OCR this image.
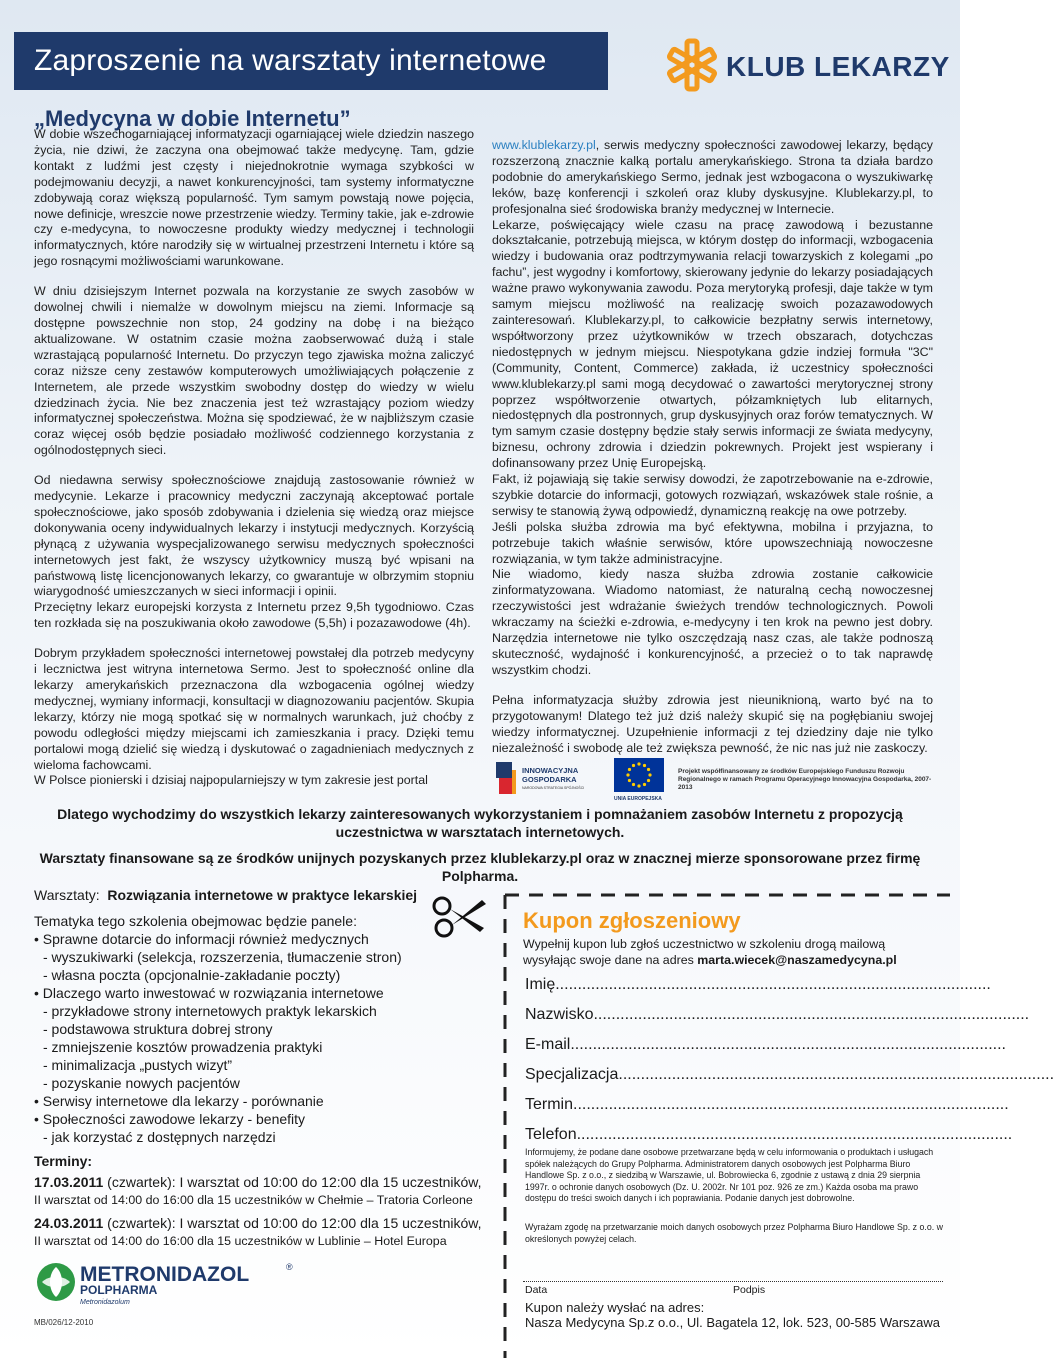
Zaproszenie na warsztaty internetowe	KLUB LEKARZY
„Medycyna w dobie Internetu”

W dobie wszechogarniającej informatyzacji ogarniającej wiele dziedzin naszego życia, nie dziwi, że zaczyna ona obejmować także medycynę. Tam, gdzie kontakt z ludźmi jest częsty i niejednokrotnie wymaga szybkości w podejmowaniu decyzji, a nawet konkurencyjności, tam systemy informatyczne zdobywają coraz większą popularność. Tym samym powstają nowe pojęcia, nowe definicje, wreszcie nowe przestrzenie wiedzy. Terminy takie, jak e-zdrowie czy e-medycyna, to nowoczesne produkty wiedzy medycznej i technologii informatycznych, które narodziły się w wirtualnej przestrzeni Internetu i które są jego rosnącymi możliwościami warunkowane.

W dniu dzisiejszym Internet pozwala na korzystanie ze swych zasobów w dowolnej chwili i niemalże w dowolnym miejscu na ziemi. Informacje są dostępne powszechnie non stop, 24 godziny na dobę i na bieżąco aktualizowane. W ostatnim czasie można zaobserwować dużą i stale wzrastającą popularność Internetu. Do przyczyn tego zjawiska można zaliczyć coraz niższe ceny zestawów komputerowych umożliwiających połączenie z Internetem, ale przede wszystkim swobodny dostęp do wiedzy w wielu dziedzinach życia. Nie bez znaczenia jest też wzrastający poziom wiedzy informatycznej społeczeństwa. Można się spodziewać, że w najbliższym czasie coraz więcej osób będzie posiadało możliwość codziennego korzystania z ogólnodostępnych sieci.

Od niedawna serwisy społecznościowe znajdują zastosowanie również w medycynie. Lekarze i pracownicy medyczni zaczynają akceptować portale społecznościowe, jako sposób zdobywania i dzielenia się wiedzą oraz miejsce dokonywania oceny indywidualnych lekarzy i instytucji medycznych. Korzyścią płynącą z używania wyspecjalizowanego serwisu medycznych społeczności internetowych jest fakt, że wszyscy użytkownicy muszą być wpisani na państwową listę licencjonowanych lekarzy, co gwarantuje w olbrzymim stopniu wiarygodność umieszczanych w sieci informacji i opinii.

Przeciętny lekarz europejski korzysta z Internetu przez 9,5h tygodniowo. Czas ten rozkłada się na poszukiwania około zawodowe (5,5h) i pozazawodowe (4h).

Dobrym przykładem społeczności internetowej powstałej dla potrzeb medycyny i lecznictwa jest witryna internetowa Sermo. Jest to społeczność online dla lekarzy amerykańskich przeznaczona dla wzbogacenia ogólnej wiedzy medycznej, wymiany informacji, konsultacji w diagnozowaniu pacjentów. Skupia lekarzy, którzy nie mogą spotkać się w normalnych warunkach, już choćby z powodu odległości między miejscami ich zamieszkania i pracy. Dzięki temu portalowi mogą dzielić się wiedzą i dyskutować o zagadnieniach medycznych z wieloma fachowcami.

W Polsce pionierski i dzisiaj najpopularniejszy w tym zakresie jest portal

www.klublekarzy.pl, serwis medyczny społeczności zawodowej lekarzy, będący rozszerzoną znacznie kalką portalu amerykańskiego. Strona ta działa bardzo podobnie do amerykańskiego Sermo, jednak jest wzbogacona o wyszukiwarkę leków, bazę konferencji i szkoleń oraz kluby dyskusyjne. Klublekarzy.pl, to profesjonalna sieć środowiska branży medycznej w Internecie.

Lekarze, poświęcający wiele czasu na pracę zawodową i bezustanne dokształcanie, potrzebują miejsca, w którym dostęp do informacji, wzbogacenia wiedzy i budowania oraz podtrzymywania relacji towarzyskich z kolegami „po fachu”, jest wygodny i komfortowy, skierowany jedynie do lekarzy posiadających ważne prawo wykonywania zawodu. Poza merytoryką profesji, daje także w tym samym miejscu możliwość na realizację swoich pozazawodowych zainteresowań. Klublekarzy.pl, to całkowicie bezpłatny serwis internetowy, współtworzony przez użytkowników w trzech obszarach, dotychczas niedostępnych w jednym miejscu. Niespotykana gdzie indziej formuła "3C" (Community, Content, Commerce) zakłada, iż uczestnicy społeczności www.klublekarzy.pl sami mogą decydować o zawartości merytorycznej strony poprzez współtworzenie otwartych, półzamkniętych lub elitarnych, niedostępnych dla postronnych, grup dyskusyjnych oraz forów tematycznych. W tym samym czasie dostępny będzie stały serwis informacji ze świata medycyny, biznesu, ochrony zdrowia i dziedzin pokrewnych. Projekt jest wspierany i dofinansowany przez Unię Europejską.

Fakt, iż pojawiają się takie serwisy dowodzi, że zapotrzebowanie na e-zdrowie, szybkie dotarcie do informacji, gotowych rozwiązań, wskazówek stale rośnie, a serwisy te stanowią żywą odpowiedź, dynamiczną reakcję na owe potrzeby.

Jeśli polska służba zdrowia ma być efektywna, mobilna i przyjazna, to potrzebuje takich właśnie serwisów, które upowszechniają nowoczesne rozwiązania, w tym także administracyjne.

Nie wiadomo, kiedy nasza służba zdrowia zostanie całkowicie zinformatyzowana. Wiadomo natomiast, że naturalną cechą nowoczesnej rzeczywistości jest wdrażanie świeżych trendów technologicznych. Powoli wkraczamy na ścieżki e-zdrowia, e-medycyny i ten krok na pewno jest dobry. Narzędzia internetowe nie tylko oszczędzają nasz czas, ale także podnoszą skuteczność, wydajność i konkurencyjność, a przecież o to tak naprawdę wszystkim chodzi.

Pełna informatyzacja służby zdrowia jest nieuniknioną, warto być na to przygotowanym! Dlatego też już dziś należy skupić się na pogłębianiu swojej wiedzy informatycznej. Uzupełnienie informacji z tej dziedziny daje nie tylko niezależność i swobodę ale też zwiększa pewność, że nic nas już nie zaskoczy.

INNOWACYJNA
GOSPODARKA
NARODOWA STRATEGIA SPÓJNOŚCI
UNIA EUROPEJSKA
Projekt współfinansowany ze środków Europejskiego Funduszu Rozwoju Regionalnego w ramach Programu Operacyjnego Innowacyjna Gospodarka, 2007-2013
Dlatego wychodzimy do wszystkich lekarzy zainteresowanych wykorzystaniem i pomnażaniem zasobów Internetu z propozycją uczestnictwa w warsztatach internetowych.
Warsztaty finansowane są ze środków unijnych pozyskanych przez klublekarzy.pl oraz w znacznej mierze sponsorowane przez firmę Polpharma.
Warsztaty: Rozwiązania internetowe w praktyce lekarskiej
Tematyka tego szkolenia obejmowac będzie panele:
• Sprawne dotarcie do informacji również medycznych
- wyszukiwarki (selekcja, rozszerzenia, tłumaczenie stron)
- własna poczta (opcjonalnie-zakładanie poczty)
• Dlaczego warto inwestować w rozwiązania internetowe
- przykładowe strony internetowych praktyk lekarskich
- podstawowa struktura dobrej strony
- zmniejszenie kosztów prowadzenia praktyki
- minimalizacja „pustych wizyt”
- pozyskanie nowych pacjentów
• Serwisy internetowe dla lekarzy - porównanie
• Społeczności zawodowe lekarzy - benefity
- jak korzystać z dostępnych narzędzi
Terminy:
17.03.2011 (czwartek): I warsztat od 10:00 do 12:00 dla 15 uczestników,
II warsztat od 14:00 do 16:00 dla 15 uczestników w Chełmie – Tratoria Corleone
24.03.2011 (czwartek): I warsztat od 10:00 do 12:00 dla 15 uczestników,
II warsztat od 14:00 do 16:00 dla 15 uczestników w Lublinie – Hotel Europa
Kupon zgłoszeniowy
Wypełnij kupon lub zgłoś uczestnictwo w szkoleniu drogą mailową wysyłając swoje dane na adres marta.wiecek@naszamedycyna.pl
Imię..................................................................................................
Nazwisko..................................................................................................
E-mail..................................................................................................
Specjalizacja..................................................................................................
Termin..................................................................................................
Telefon..................................................................................................
Informujemy, że podane dane osobowe przetwarzane będą w celu informowania o produktach i usługach spółek należących do Grupy Polpharma. Administratorem danych osobowych jest Polpharma Biuro Handlowe Sp. z o.o., z siedzibą w Warszawie, ul. Bobrowiecka 6, zgodnie z ustawą z dnia 29 sierpnia 1997r. o ochronie danych osobowych (Dz. U. 2002r. Nr 101 poz. 926 ze zm.) Każda osoba ma prawo dostępu do treści swoich danych i ich poprawiania. Podanie danych jest dobrowolne.
Wyrażam zgodę na przetwarzanie moich danych osobowych przez Polpharma Biuro Handlowe Sp. z o.o. w określonych powyżej celach.
Data	Podpis
Kupon należy wysłać na adres:
Nasza Medycyna Sp.z o.o., Ul. Bagatela 12, lok. 523, 00-585 Warszawa
METRONIDAZOL	®
POLPHARMA
Metronidazolum
MB/026/12-2010
